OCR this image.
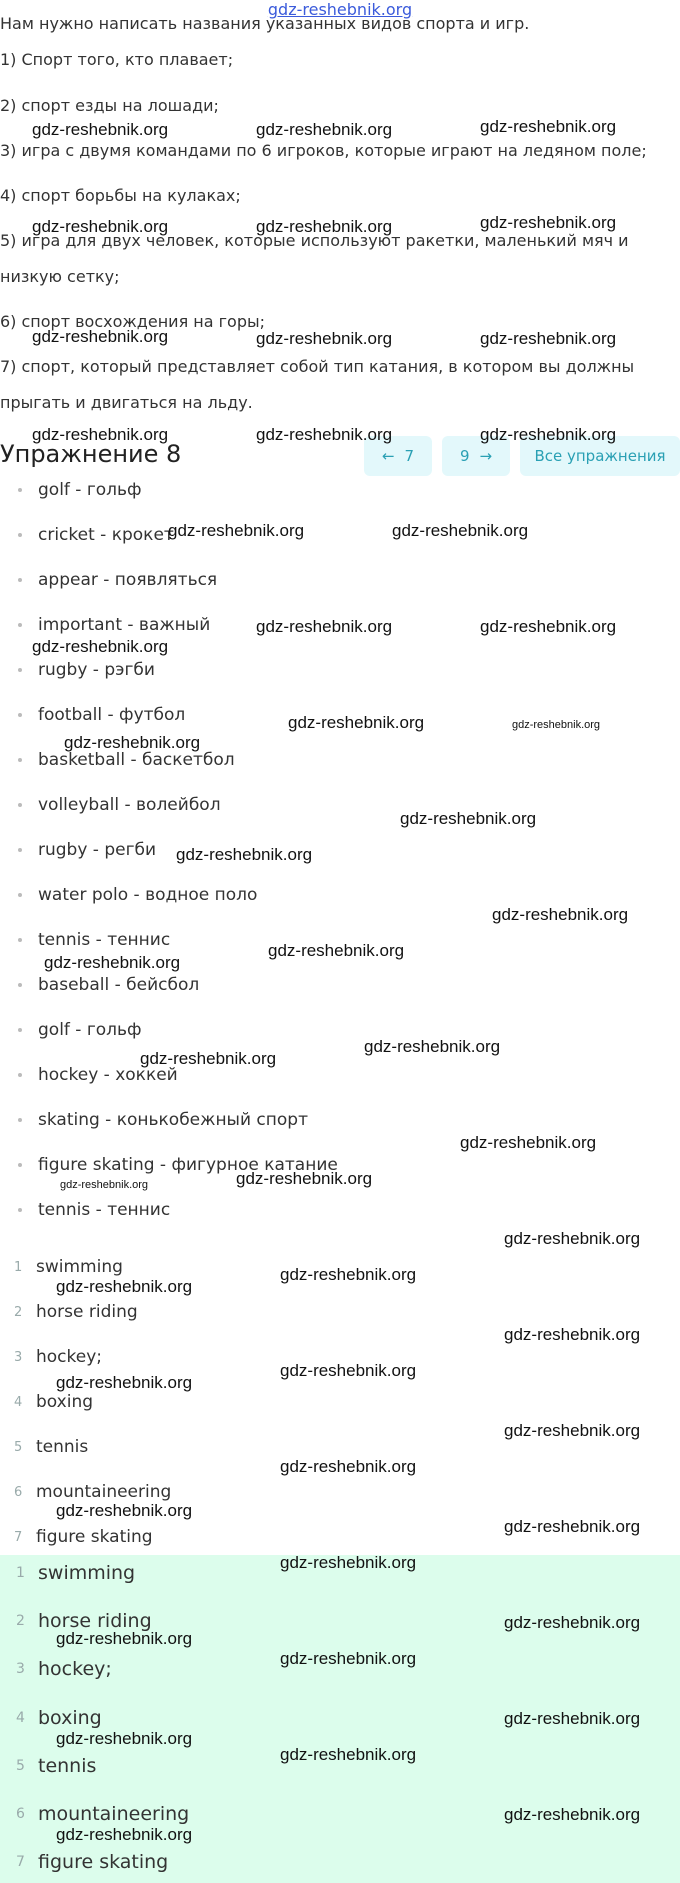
gdz-reshebnik.org
Нам нужно написать названия указанных видов спорта и игр.
1) Спорт того, кто плавает;
2) спорт езды на лошади;
3) игра с двумя командами по 6 игроков, которые играют на ледяном поле;
4) спорт борьбы на кулаках;
5) игра для двух человек, которые используют ракетки, маленький мяч и
низкую сетку;
6) спорт восхождения на горы;
7) спорт, который представляет собой тип катания, в котором вы должны
прыгать и двигаться на льду.
Упражнение 8	← 7	9 →	Все упражнения
golf - гольф
cricket - крокет
appear - появляться
important - важный
rugby - рэгби
football - футбол
basketball - баскетбол
volleyball - волейбол
rugby - регби
water polo - водное поло
tennis - теннис
baseball - бейсбол
golf - гольф
hockey - хоккей
skating - конькобежный спорт
figure skating - фигурное катание
tennis - теннис
1 swimming
2 horse riding
3 hockey;
4 boxing
5 tennis
6 mountaineering
7 figure skating
1 swimming
2 horse riding
3 hockey;
4 boxing
5 tennis
6 mountaineering
7 figure skating
gdz-reshebnik.org	gdz-reshebnik.org	gdz-reshebnik.org
gdz-reshebnik.org	gdz-reshebnik.org	gdz-reshebnik.org
gdz-reshebnik.org	gdz-reshebnik.org	gdz-reshebnik.org
gdz-reshebnik.org	gdz-reshebnik.org	gdz-reshebnik.org
gdz-reshebnik.org	gdz-reshebnik.org
gdz-reshebnik.org	gdz-reshebnik.org
gdz-reshebnik.org
gdz-reshebnik.org	gdz-reshebnik.org
gdz-reshebnik.org
gdz-reshebnik.org
gdz-reshebnik.org
gdz-reshebnik.org
gdz-reshebnik.org
gdz-reshebnik.org
gdz-reshebnik.org
gdz-reshebnik.org
gdz-reshebnik.org
gdz-reshebnik.org
gdz-reshebnik.org
gdz-reshebnik.org
gdz-reshebnik.org
gdz-reshebnik.org
gdz-reshebnik.org
gdz-reshebnik.org
gdz-reshebnik.org
gdz-reshebnik.org
gdz-reshebnik.org
gdz-reshebnik.org
gdz-reshebnik.org
gdz-reshebnik.org
gdz-reshebnik.org
gdz-reshebnik.org
gdz-reshebnik.org
gdz-reshebnik.org
gdz-reshebnik.org
gdz-reshebnik.org
gdz-reshebnik.org
gdz-reshebnik.org
